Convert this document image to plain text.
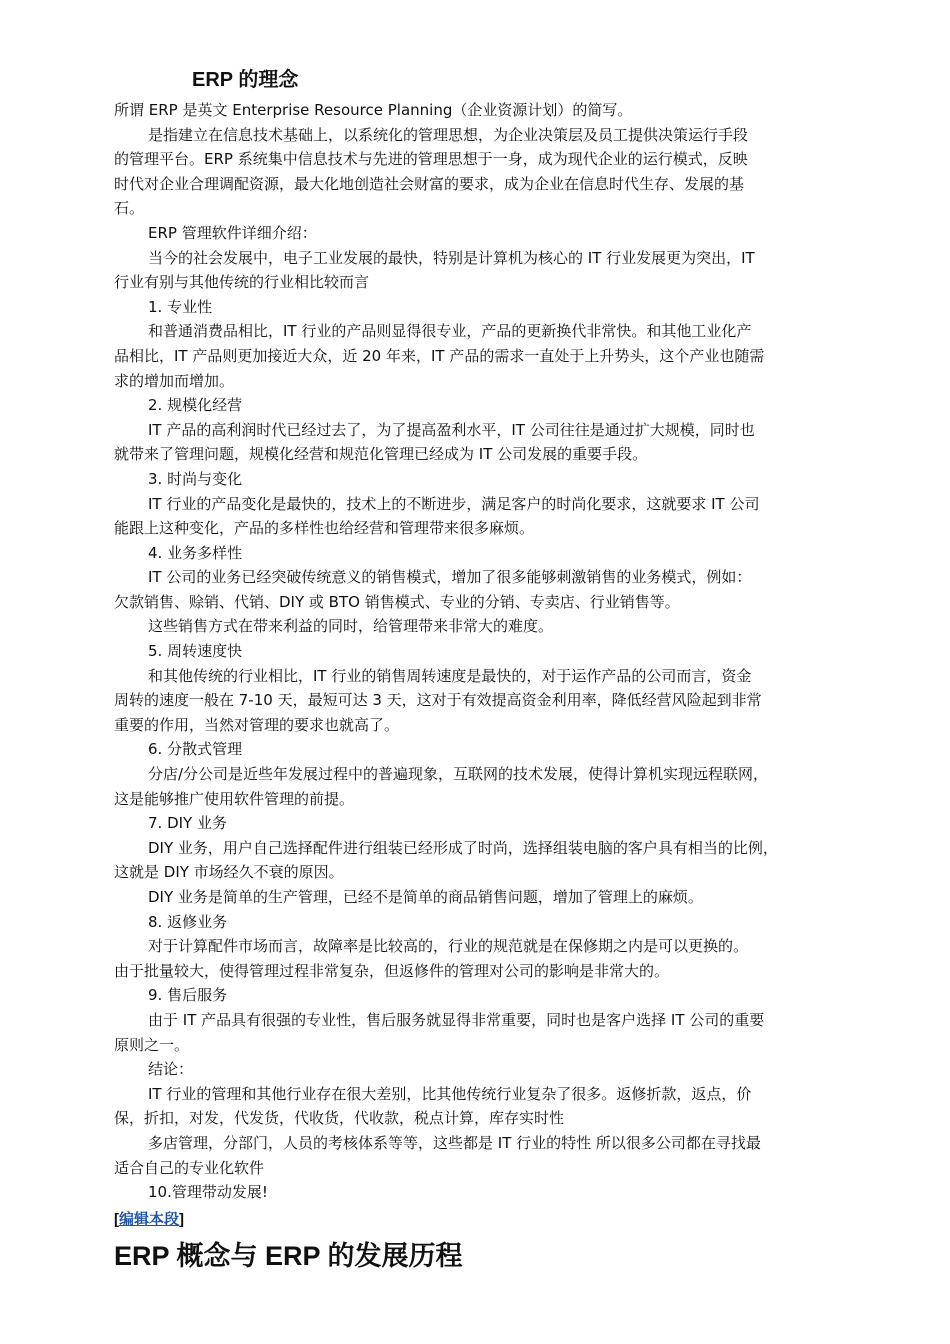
ERP 的理念
所谓 ERP 是英文 Enterprise Resource Planning（企业资源计划）的简写。
是指建立在信息技术基础上，以系统化的管理思想，为企业决策层及员工提供决策运行手段
的管理平台。ERP 系统集中信息技术与先进的管理思想于一身，成为现代企业的运行模式，反映
时代对企业合理调配资源，最大化地创造社会财富的要求，成为企业在信息时代生存、发展的基
石。
ERP 管理软件详细介绍：
当今的社会发展中，电子工业发展的最快，特别是计算机为核心的 IT 行业发展更为突出，IT
行业有别与其他传统的行业相比较而言
1. 专业性
和普通消费品相比，IT 行业的产品则显得很专业，产品的更新换代非常快。和其他工业化产
品相比，IT 产品则更加接近大众，近 20 年来，IT 产品的需求一直处于上升势头，这个产业也随需
求的增加而增加。
2. 规模化经营
IT 产品的高利润时代已经过去了，为了提高盈利水平，IT 公司往往是通过扩大规模，同时也
就带来了管理问题，规模化经营和规范化管理已经成为 IT 公司发展的重要手段。
3. 时尚与变化
IT 行业的产品变化是最快的，技术上的不断进步，满足客户的时尚化要求，这就要求 IT 公司
能跟上这种变化，产品的多样性也给经营和管理带来很多麻烦。
4. 业务多样性
IT 公司的业务已经突破传统意义的销售模式，增加了很多能够刺激销售的业务模式，例如：
欠款销售、赊销、代销、DIY 或 BTO 销售模式、专业的分销、专卖店、行业销售等。
这些销售方式在带来利益的同时，给管理带来非常大的难度。
5. 周转速度快
和其他传统的行业相比，IT 行业的销售周转速度是最快的，对于运作产品的公司而言，资金
周转的速度一般在 7-10 天，最短可达 3 天，这对于有效提高资金利用率，降低经营风险起到非常
重要的作用，当然对管理的要求也就高了。
6. 分散式管理
分店/分公司是近些年发展过程中的普遍现象，互联网的技术发展，使得计算机实现远程联网，
这是能够推广使用软件管理的前提。
7. DIY 业务
DIY 业务，用户自己选择配件进行组装已经形成了时尚，选择组装电脑的客户具有相当的比例，
这就是 DIY 市场经久不衰的原因。
DIY 业务是简单的生产管理，已经不是简单的商品销售问题，增加了管理上的麻烦。
8. 返修业务
对于计算配件市场而言，故障率是比较高的，行业的规范就是在保修期之内是可以更换的。
由于批量较大，使得管理过程非常复杂，但返修件的管理对公司的影响是非常大的。
9. 售后服务
由于 IT 产品具有很强的专业性，售后服务就显得非常重要，同时也是客户选择 IT 公司的重要
原则之一。
结论：
IT 行业的管理和其他行业存在很大差别，比其他传统行业复杂了很多。返修折款，返点，价
保，折扣，对发，代发货，代收货，代收款，税点计算，库存实时性
多店管理，分部门，人员的考核体系等等，这些都是 IT 行业的特性 所以很多公司都在寻找最
适合自己的专业化软件
10.管理带动发展!
[编辑本段]
ERP 概念与 ERP 的发展历程
